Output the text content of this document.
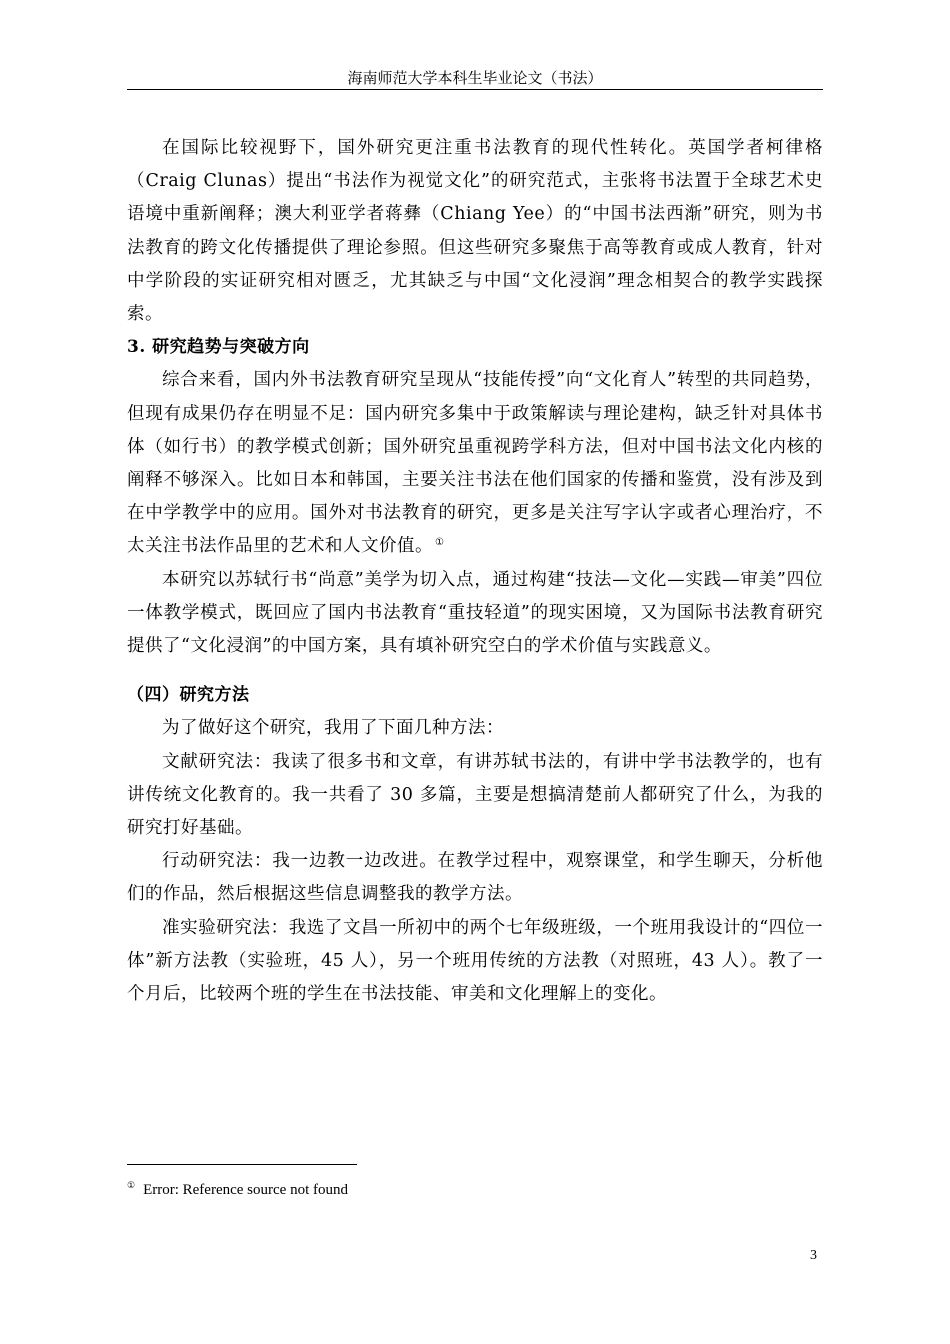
海南师范大学本科生毕业论文（书法）

在国际比较视野下，国外研究更注重书法教育的现代性转化。英国学者柯律格（Craig Clunas）提出“书法作为视觉文化”的研究范式，主张将书法置于全球艺术史语境中重新阐释；澳大利亚学者蒋彝（Chiang Yee）的“中国书法西渐”研究，则为书法教育的跨文化传播提供了理论参照。但这些研究多聚焦于高等教育或成人教育，针对中学阶段的实证研究相对匮乏，尤其缺乏与中国“文化浸润”理念相契合的教学实践探索。

3. 研究趋势与突破方向

综合来看，国内外书法教育研究呈现从“技能传授”向“文化育人”转型的共同趋势，但现有成果仍存在明显不足：国内研究多集中于政策解读与理论建构，缺乏针对具体书体（如行书）的教学模式创新；国外研究虽重视跨学科方法，但对中国书法文化内核的阐释不够深入。比如日本和韩国，主要关注书法在他们国家的传播和鉴赏，没有涉及到在中学教学中的应用。国外对书法教育的研究，更多是关注写字认字或者心理治疗，不太关注书法作品里的艺术和人文价值。 ①

本研究以苏轼行书“尚意”美学为切入点，通过构建“技法—文化—实践—审美”四位一体教学模式，既回应了国内书法教育“重技轻道”的现实困境，又为国际书法教育研究提供了“文化浸润”的中国方案，具有填补研究空白的学术价值与实践意义。

（四）研究方法

为了做好这个研究，我用了下面几种方法：

文献研究法：我读了很多书和文章，有讲苏轼书法的，有讲中学书法教学的，也有讲传统文化教育的。我一共看了 30 多篇，主要是想搞清楚前人都研究了什么，为我的研究打好基础。

行动研究法：我一边教一边改进。在教学过程中，观察课堂，和学生聊天，分析他们的作品，然后根据这些信息调整我的教学方法。

准实验研究法：我选了文昌一所初中的两个七年级班级，一个班用我设计的“四位一体”新方法教（实验班，45 人），另一个班用传统的方法教（对照班，43 人）。教了一个月后，比较两个班的学生在书法技能、审美和文化理解上的变化。

① Error: Reference source not found
3
